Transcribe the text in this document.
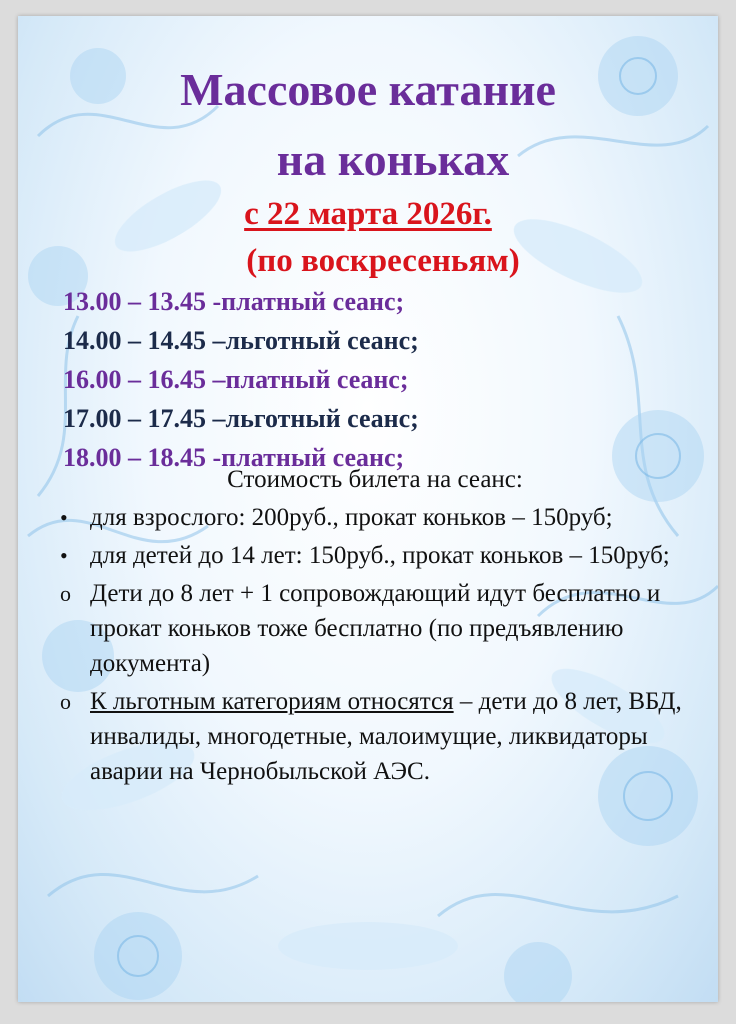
Массовое катание
на коньках
с 22 марта 2026г.
(по воскресеньям)
13.00 – 13.45 -платный сеанс;
14.00 – 14.45 –льготный сеанс;
16.00 – 16.45 –платный сеанс;
17.00 – 17.45 –льготный сеанс;
18.00 – 18.45 -платный сеанс;
Стоимость билета на сеанс:
• для взрослого: 200руб., прокат коньков – 150руб;
• для детей до 14 лет: 150руб., прокат коньков – 150руб;
o Дети до 8 лет + 1 сопровождающий идут бесплатно и прокат коньков тоже бесплатно (по предъявлению документа)
o К льготным категориям относятся – дети до 8 лет, ВБД, инвалиды, многодетные, малоимущие, ликвидаторы аварии на Чернобыльской АЭС.
